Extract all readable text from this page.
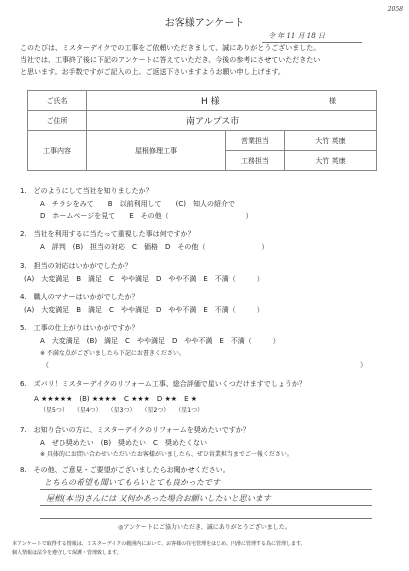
2058
お客様アンケート
令 年 11 月 18 日
このたびは、ミスターデイクでの工事をご依頼いただきまして、誠にありがとうございました。
当社では、工事終了後に下記のアンケートに答えていただき、今後の参考にさせていただきたい
と思います。お手数ですがご記入の上、ご返送下さいますようお願い申し上げます。
ご氏名	H 様 様		

ご住所	南アルプス市		
工事内容	屋根修理工事	営業担当	大竹 英康
		工務担当	大竹 英康
1.　どのようにして当社を知りましたか？
A　チラシをみて　　B　以前利用して　　(C)　知人の紹介で
D　ホームページを見て　　E　その他（　　　　　　　　　　　）
2.　当社を利用するに当たって重視した事は何ですか？
A　評判　(B)　担当の対応　C　価格　D　その他（　　　　　　　　）
3.　担当の対応はいかがでしたか？
(A)　大変満足　B　満足　C　やや満足　D　やや不満　E　不満（　　　）
4.　職人のマナーはいかがでしたか？
(A)　大変満足　B　満足　C　やや満足　D　やや不満　E　不満（　　　）
5.　工事の仕上がりはいかがですか？
A　大変満足　(B)　満足　C　やや満足　D　やや不満　E　不満（　　　）
※ 不満な点がございましたら下記にお書きください。
（	）
6.　ズバリ！ミスターデイクのリフォーム工事、総合評価で星いくつだけますでしょうか？
A ★★★★★　(B) ★★★★　C ★★★　D ★★　E ★
（星5つ）　　（星4つ）　　（星3つ）　　（星2つ）　　（星1つ）
7.　お知り合いの方に、ミスターデイクのリフォームを奨めたいですか？
A　ぜひ奨めたい　(B)　奨めたい　C　奨めたくない
※ 具体的にお問い合わせいただいたお客様がいましたら、ぜひ営業担当までご一報ください。
8.　その他、ご意見・ご要望がございましたらお聞かせください。
とちらの希望も聞いてもらいとても良かったです
屋根(本当)さんには 又何かあった場合お願いしたいと思います
◎アンケートにご協力いただき、誠にありがとうございました。
本アンケートで取得する情報は、ミスターデイクの範囲内において、お客様の住宅管理をはじめ、円滑に管理する為に管理します。
個人情報は法令を遵守して保護・管理致します。
